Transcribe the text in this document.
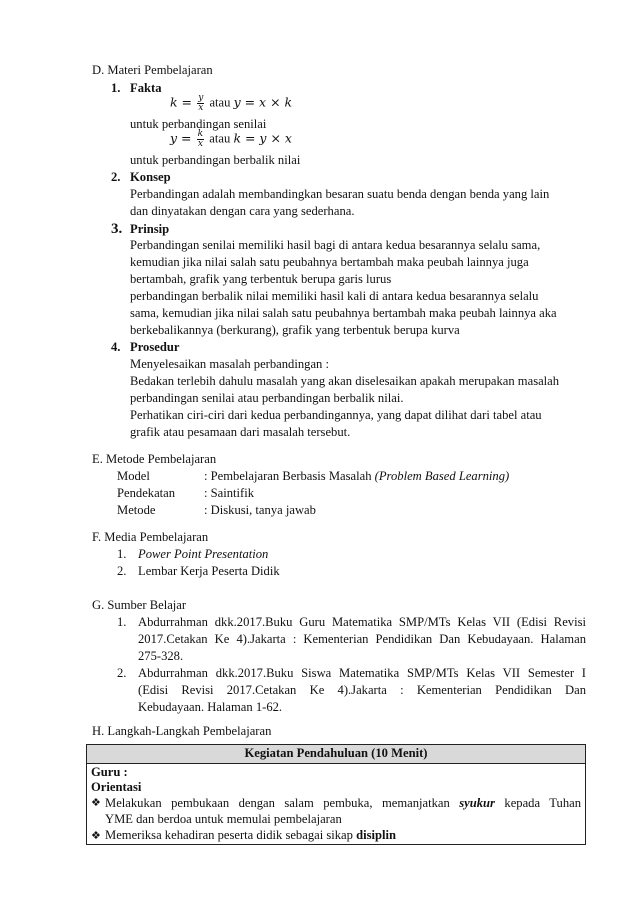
D. Materi Pembelajaran
1. Fakta
$k = \frac{y}{x}$ atau y = x × k
untuk perbandingan senilai
$y = \frac{k}{x}$ atau k = y × x
untuk perbandingan berbalik nilai
2. Konsep
Perbandingan adalah membandingkan besaran suatu benda dengan benda yang lain
dan dinyatakan dengan cara yang sederhana.
3. Prinsip
Perbandingan senilai memiliki hasil bagi di antara kedua besarannya selalu sama,
kemudian jika nilai salah satu peubahnya bertambah maka peubah lainnya juga
bertambah, grafik yang terbentuk berupa garis lurus
perbandingan berbalik nilai memiliki hasil kali di antara kedua besarannya selalu
sama, kemudian jika nilai salah satu peubahnya bertambah maka peubah lainnya aka
berkebalikannya (berkurang), grafik yang terbentuk berupa kurva
4. Prosedur
Menyelesaikan masalah perbandingan :
Bedakan terlebih dahulu masalah yang akan diselesaikan apakah merupakan masalah
perbandingan senilai atau perbandingan berbalik nilai.
Perhatikan ciri-ciri dari kedua perbandingannya, yang dapat dilihat dari tabel atau
grafik atau pesamaan dari masalah tersebut.
E. Metode Pembelajaran
Model	: Pembelajaran Berbasis Masalah (Problem Based Learning)
Pendekatan : Saintifik
Metode	: Diskusi, tanya jawab
F. Media Pembelajaran
1. Power Point Presentation
2. Lembar Kerja Peserta Didik
G. Sumber Belajar
1. Abdurrahman dkk.2017.Buku Guru Matematika SMP/MTs Kelas VII (Edisi Revisi
2017.Cetakan Ke 4).Jakarta : Kementerian Pendidikan Dan Kebudayaan. Halaman
275-328.
2. Abdurrahman dkk.2017.Buku Siswa Matematika SMP/MTs Kelas VII Semester I
(Edisi Revisi 2017.Cetakan Ke 4).Jakarta : Kementerian Pendidikan Dan
Kebudayaan. Halaman 1-62.
H. Langkah-Langkah Pembelajaran
Kegiatan Pendahuluan (10 Menit)

Guru :
Orientasi
❖ Melakukan pembukaan dengan salam pembuka, memanjatkan syukur kepada Tuhan
YME dan berdoa untuk memulai pembelajaran
❖ Memeriksa kehadiran peserta didik sebagai sikap disiplin
